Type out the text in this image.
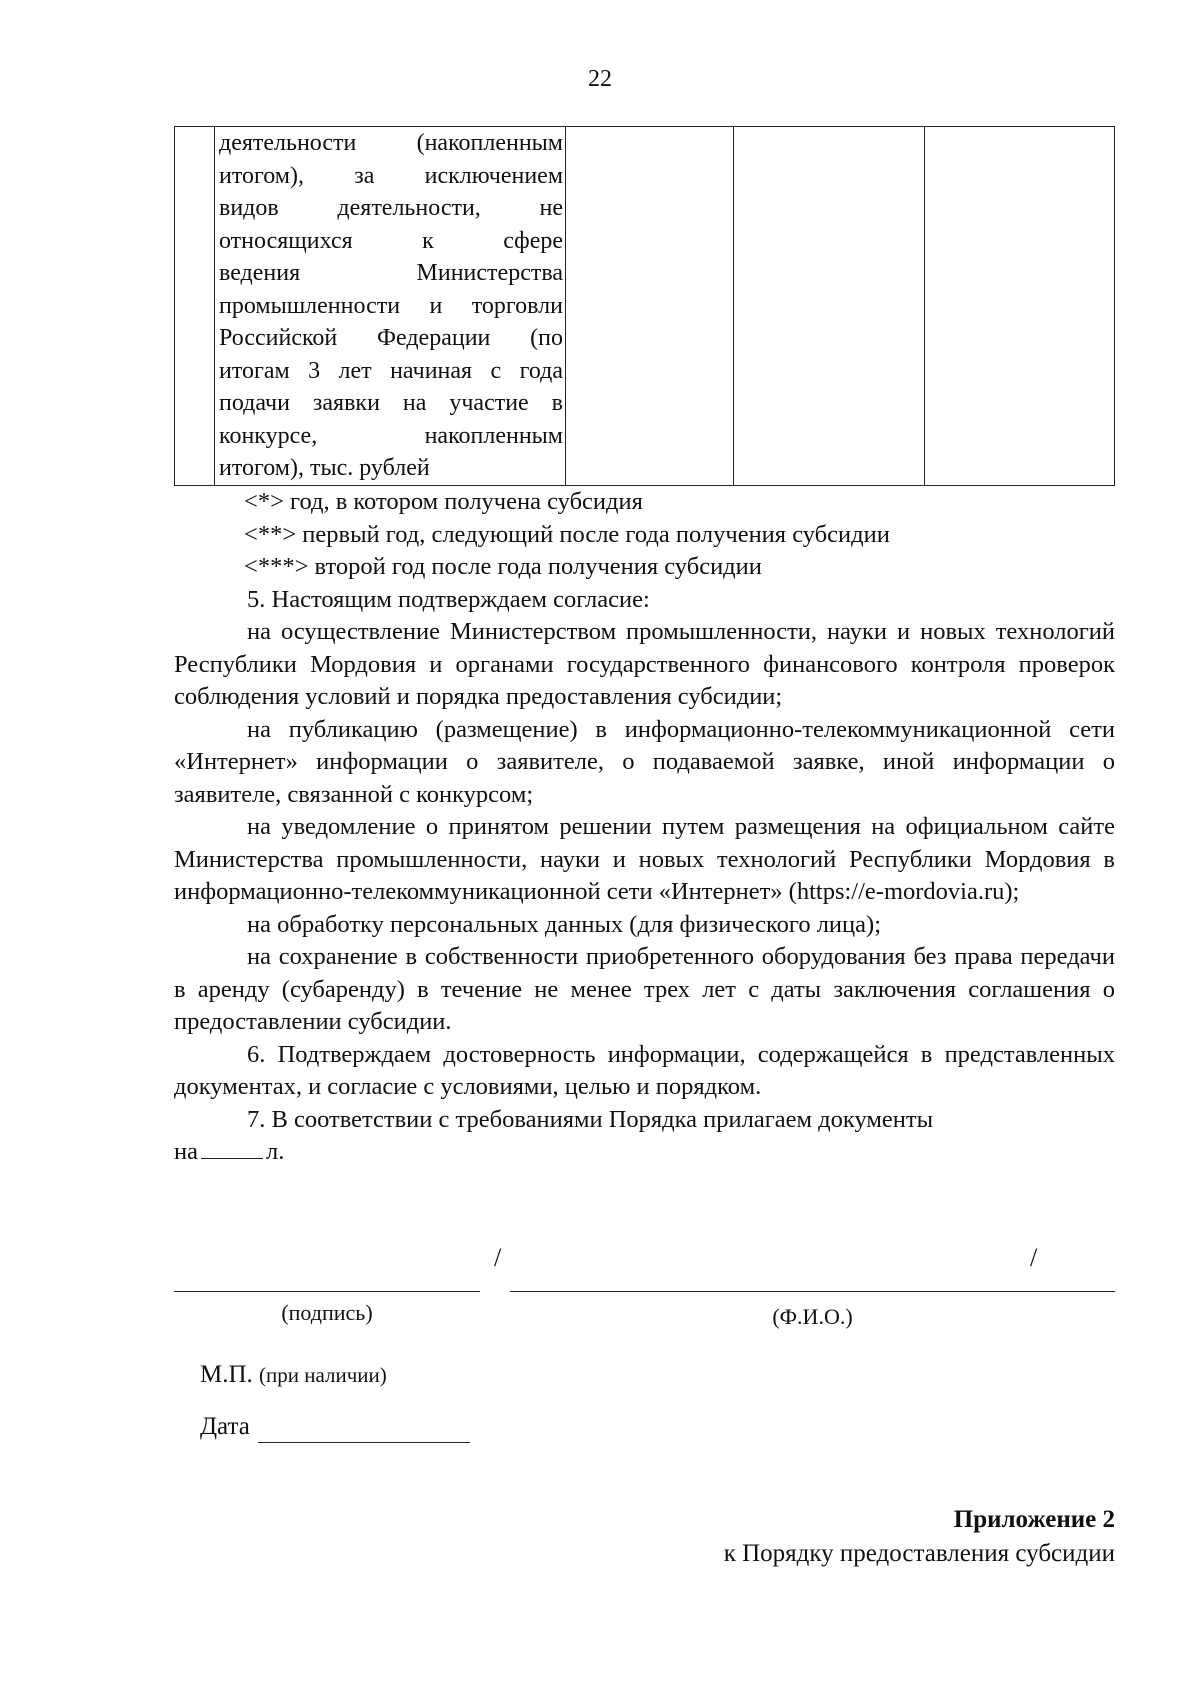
22

деятельности (накопленным
итогом), за исключением
видов деятельности, не
относящихся к сфере
ведения Министерства
промышленности и торговли
Российской Федерации (по
итогам 3 лет начиная с года
подачи заявки на участие в
конкурсе, накопленным
итогом), тыс. рублей

<*> год, в котором получена субсидия

<**> первый год, следующий после года получения субсидии

<***> второй год после года получения субсидии

5. Настоящим подтверждаем согласие:

на осуществление Министерством промышленности, науки и новых технологий Республики Мордовия и органами государственного финансового контроля проверок соблюдения условий и порядка предоставления субсидии;

на публикацию (размещение) в информационно-телекоммуникационной сети «Интернет» информации о заявителе, о подаваемой заявке, иной информации о заявителе, связанной с конкурсом;

на уведомление о принятом решении путем размещения на официальном сайте Министерства промышленности, науки и новых технологий Республики Мордовия в информационно-телекоммуникационной сети «Интернет» (https://e-mordovia.ru);

на обработку персональных данных (для физического лица);

на сохранение в собственности приобретенного оборудования без права передачи в аренду (субаренду) в течение не менее трех лет с даты заключения соглашения о предоставлении субсидии.

6. Подтверждаем достоверность информации, содержащейся в представленных документах, и согласие с условиями, целью и порядком.

7. В соответствии с требованиями Порядка прилагаем документы

на	л.

/	/
(подпись)	(Ф.И.О.)
М.П. (при наличии)
Дата
Приложение 2
к Порядку предоставления субсидии
